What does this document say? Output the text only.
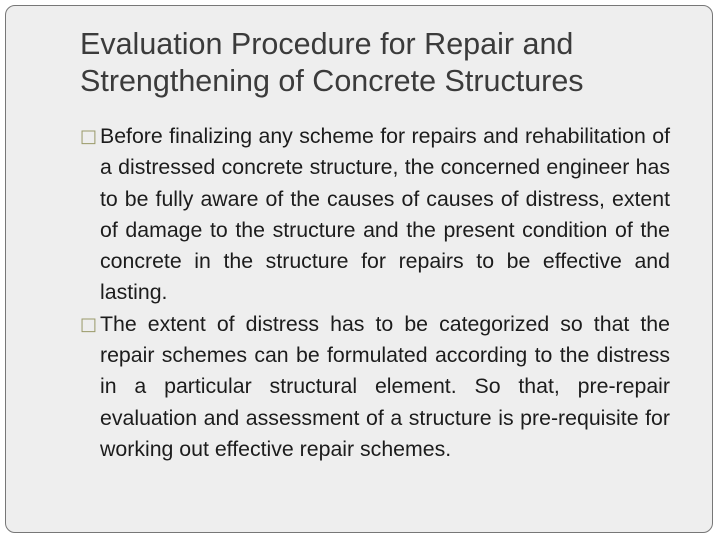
Evaluation Procedure for Repair and Strengthening of Concrete Structures

□
Before finalizing any scheme for repairs and rehabilitation of a distressed concrete structure, the concerned engineer has to be fully aware of the causes of causes of distress, extent of damage to the structure and the present condition of the concrete in the structure for repairs to be effective and lasting.

□
The extent of distress has to be categorized so that the repair schemes can be formulated according to the distress in a particular structural element. So that, pre-repair evaluation and assessment of a structure is pre-requisite for working out effective repair schemes.
